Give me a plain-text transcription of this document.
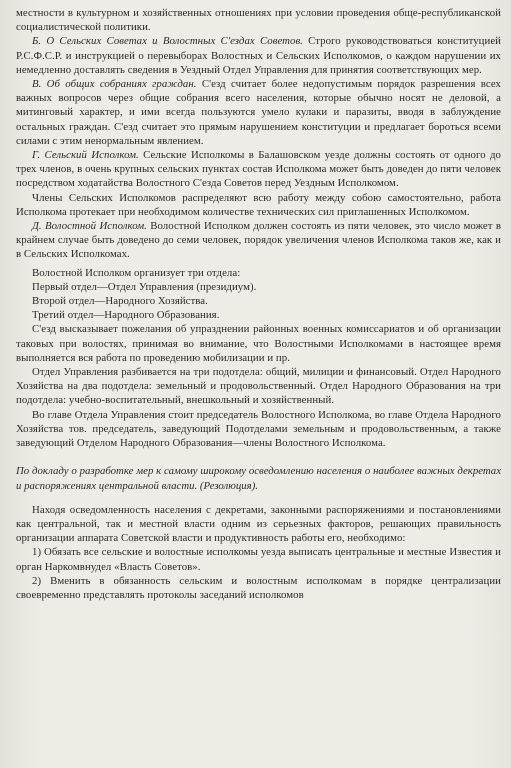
местности в культурном и хозяйственных отношениях при условии проведения обще-республиканской социалистической политики.

Б. О Сельских Советах и Волостных С'ездах Советов. Строго руководствоваться конституцией Р.С.Ф.С.Р. и инструкцией о перевыборах Волостных и Сельских Исполкомов, о каждом нарушении их немедленно доставлять сведения в Уездный Отдел Управления для принятия соответствующих мер.

В. Об общих собраниях граждан. С'езд считает более недопустимым порядок разрешения всех важных вопросов через общие собрания всего населения, которые обычно носят не деловой, а митинговый характер, и ими всегда пользуются умело кулаки и паразиты, вводя в заблуждение остальных граждан. С'езд считает это прямым нарушением конституции и предлагает бороться всеми силами с этим ненормальным явлением.

Г. Сельский Исполком. Сельские Исполкомы в Балашовском уезде должны состоять от одного до трех членов, в очень крупных сельских пунктах состав Исполкома может быть доведен до пяти человек посредством ходатайства Волостного С'езда Советов перед Уездным Исполкомом.

Члены Сельских Исполкомов распределяют всю работу между собою самостоятельно, работа Исполкома протекает при необходимом количестве технических сил приглашенных Исполкомом.

Д. Волостной Исполком. Волостной Исполком должен состоять из пяти человек, это число может в крайнем случае быть доведено до семи человек, порядок увеличения членов Исполкома таков же, как и в Сельских Исполкомах.

Волостной Исполком организует три отдела:

Первый отдел—Отдел Управления (президиум).

Второй отдел—Народного Хозяйства.

Третий отдел—Народного Образования.

С'езд высказывает пожелания об упразднении районных военных комиссариатов и об организации таковых при волостях, принимая во внимание, что Волостными Исполкомами в настоящее время выполняется вся работа по проведению мобилизации и пр.

Отдел Управления разбивается на три подотдела: общий, милиции и финансовый. Отдел Народного Хозяйства на два подотдела: земельный и продовольственный. Отдел Народного Образования на три подотдела: учебно-воспитательный, внешкольный и хозяйственный.

Во главе Отдела Управления стоит председатель Волостного Исполкома, во главе Отдела Народного Хозяйства тов. председатель, заведующий Подотделами земельным и продовольственным, а также заведующий Отделом Народного Образования—члены Волостного Исполкома.

По докладу о разработке мер к самому широкому осведомлению населения о наиболее важных декретах и распоряжениях центральной власти. (Резолюция).

Находя осведомленность населения с декретами, законными распоряжениями и постановлениями как центральной, так и местной власти одним из серьезных факторов, решающих правильность организации аппарата Советской власти и продуктивность работы его, необходимо:

1) Обязать все сельские и волостные исполкомы уезда выписать центральные и местные Известия и орган Наркомвнудел «Власть Советов».

2) Вменить в обязанность сельским и волостным исполкомам в порядке централизации своевременно представлять протоколы заседаний исполкомов
